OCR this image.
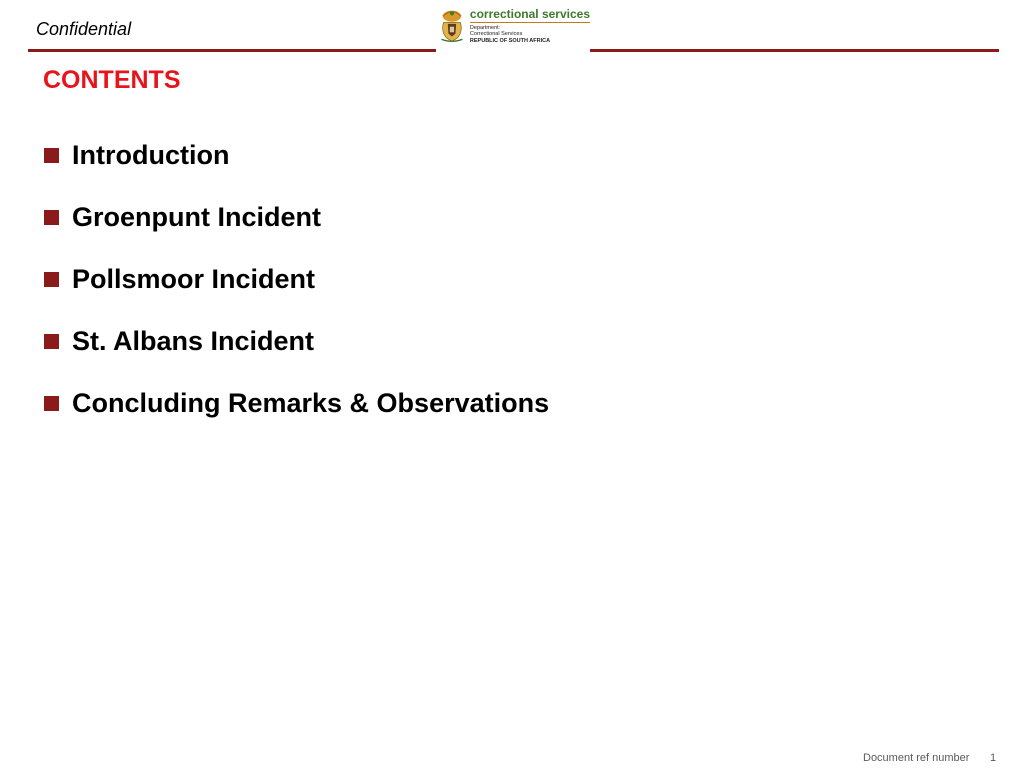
Confidential
correctional services
Department:
Correctional Services
REPUBLIC OF SOUTH AFRICA
CONTENTS
Introduction
Groenpunt Incident
Pollsmoor Incident
St. Albans Incident
Concluding Remarks & Observations
Document ref number 1
